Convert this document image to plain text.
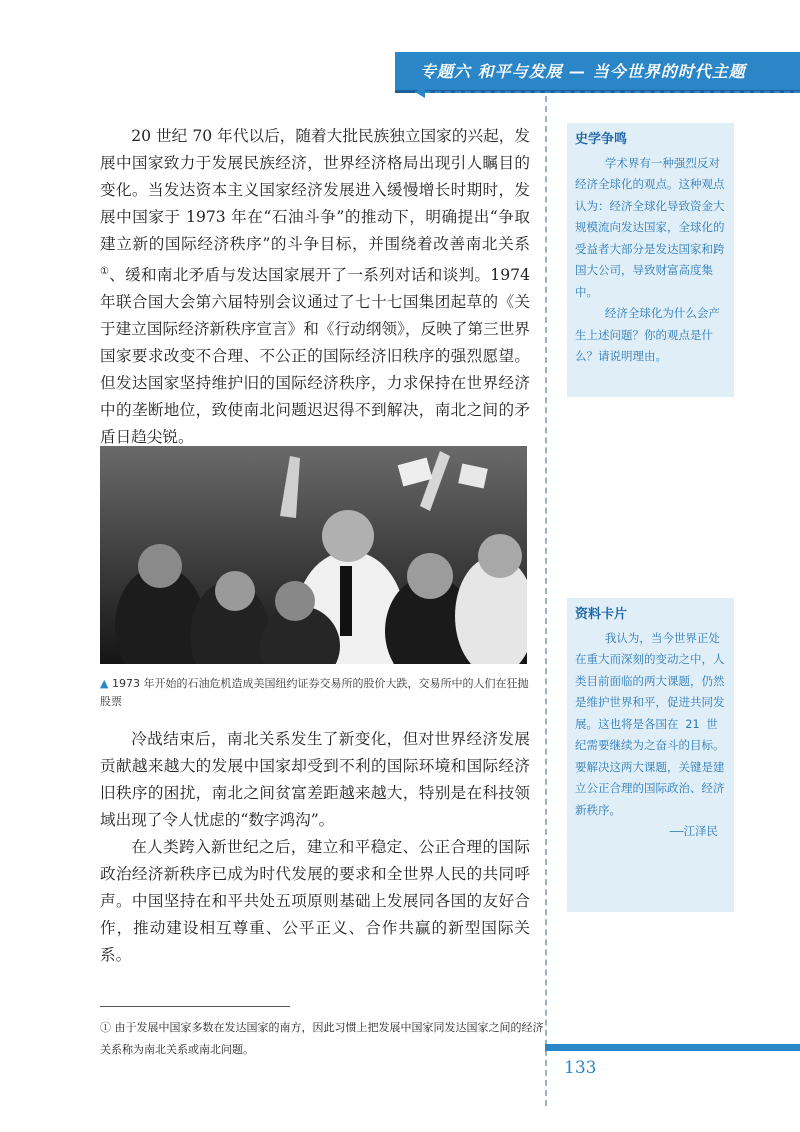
专题六 和平与发展 — 当今世界的时代主题

20 世纪 70 年代以后，随着大批民族独立国家的兴起，发展中国家致力于发展民族经济，世界经济格局出现引人瞩目的变化。当发达资本主义国家经济发展进入缓慢增长时期时，发展中国家于 1973 年在“石油斗争”的推动下，明确提出“争取建立新的国际经济秩序”的斗争目标，并围绕着改善南北关系①、缓和南北矛盾与发达国家展开了一系列对话和谈判。1974 年联合国大会第六届特别会议通过了七十七国集团起草的《关于建立国际经济新秩序宣言》和《行动纲领》，反映了第三世界国家要求改变不合理、不公正的国际经济旧秩序的强烈愿望。但发达国家坚持维护旧的国际经济秩序，力求保持在世界经济中的垄断地位，致使南北问题迟迟得不到解决，南北之间的矛盾日趋尖锐。

▲ 1973 年开始的石油危机造成美国纽约证券交易所的股价大跌，交易所中的人们在狂抛股票

冷战结束后，南北关系发生了新变化，但对世界经济发展贡献越来越大的发展中国家却受到不利的国际环境和国际经济旧秩序的困扰，南北之间贫富差距越来越大，特别是在科技领域出现了令人忧虑的“数字鸿沟”。

在人类跨入新世纪之后，建立和平稳定、公正合理的国际政治经济新秩序已成为时代发展的要求和全世界人民的共同呼声。中国坚持在和平共处五项原则基础上发展同各国的友好合作，推动建设相互尊重、公平正义、合作共赢的新型国际关系。

① 由于发展中国家多数在发达国家的南方，因此习惯上把发展中国家同发达国家之间的经济关系称为南北关系或南北问题。
史学争鸣

学术界有一种强烈反对经济全球化的观点。这种观点认为：经济全球化导致资金大规模流向发达国家，全球化的受益者大部分是发达国家和跨国大公司，导致财富高度集中。

经济全球化为什么会产生上述问题？你的观点是什么？请说明理由。

资料卡片

我认为，当今世界正处在重大而深刻的变动之中，人类目前面临的两大课题，仍然是维护世界和平，促进共同发展。这也将是各国在 21 世纪需要继续为之奋斗的目标。要解决这两大课题，关键是建立公正合理的国际政治、经济新秩序。

——江泽民
133
